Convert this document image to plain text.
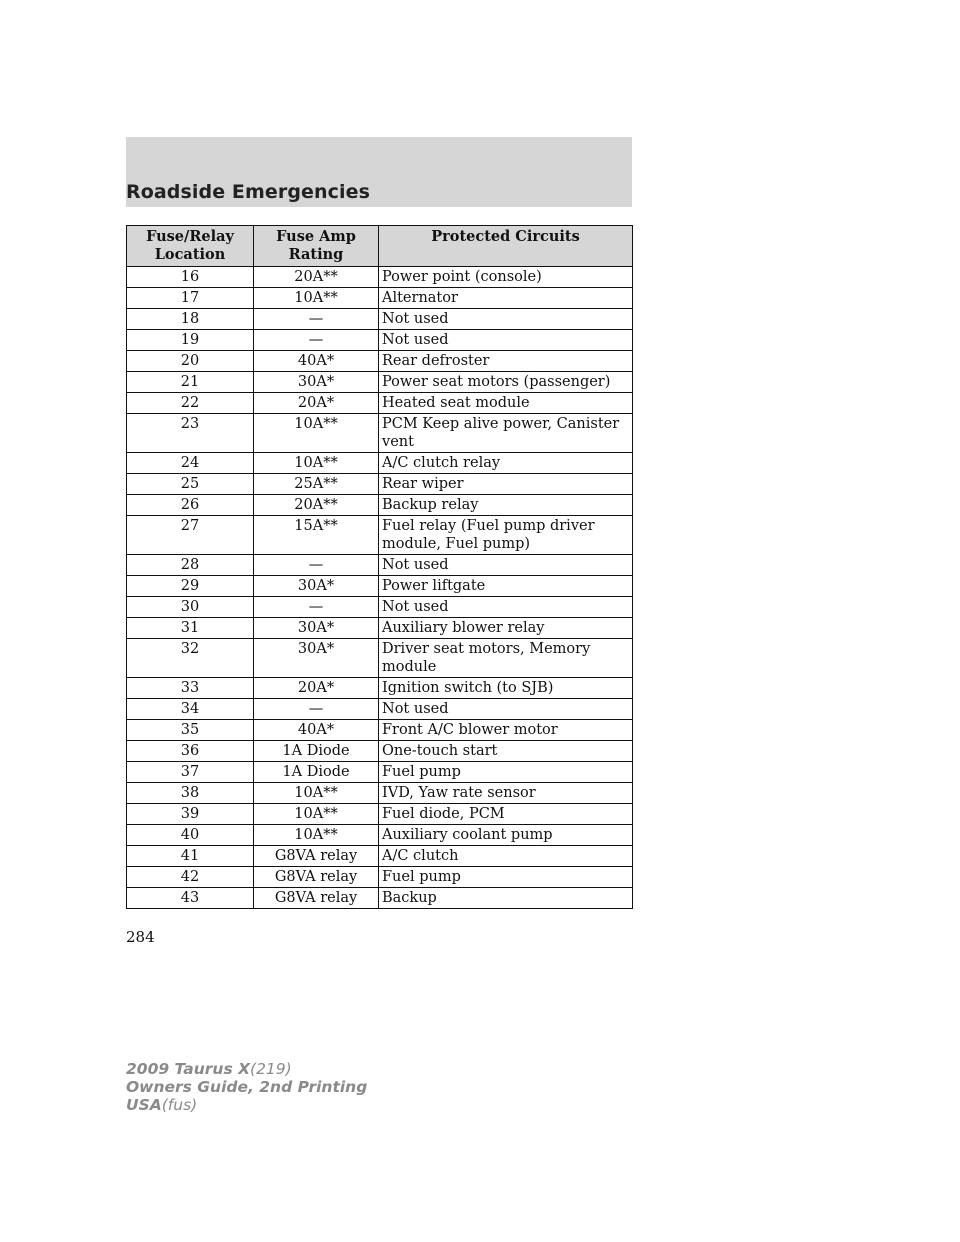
Roadside Emergencies
Fuse/Relay Location	Fuse Amp Rating	Protected Circuits
16	20A**	Power point (console)
17	10A**	Alternator
18	—	Not used
19	—	Not used
20	40A*	Rear defroster
21	30A*	Power seat motors (passenger)
22	20A*	Heated seat module
23	10A**	PCM Keep alive power, Canister vent
24	10A**	A/C clutch relay
25	25A**	Rear wiper
26	20A**	Backup relay
27	15A**	Fuel relay (Fuel pump driver module, Fuel pump)
28	—	Not used
29	30A*	Power liftgate
30	—	Not used
31	30A*	Auxiliary blower relay
32	30A*	Driver seat motors, Memory module
33	20A*	Ignition switch (to SJB)
34	—	Not used
35	40A*	Front A/C blower motor
36	1A Diode	One-touch start
37	1A Diode	Fuel pump
38	10A**	IVD, Yaw rate sensor
39	10A**	Fuel diode, PCM
40	10A**	Auxiliary coolant pump
41	G8VA relay	A/C clutch
42	G8VA relay	Fuel pump
43	G8VA relay	Backup
284
2009 Taurus X(219)
Owners Guide, 2nd Printing
USA(fus)
